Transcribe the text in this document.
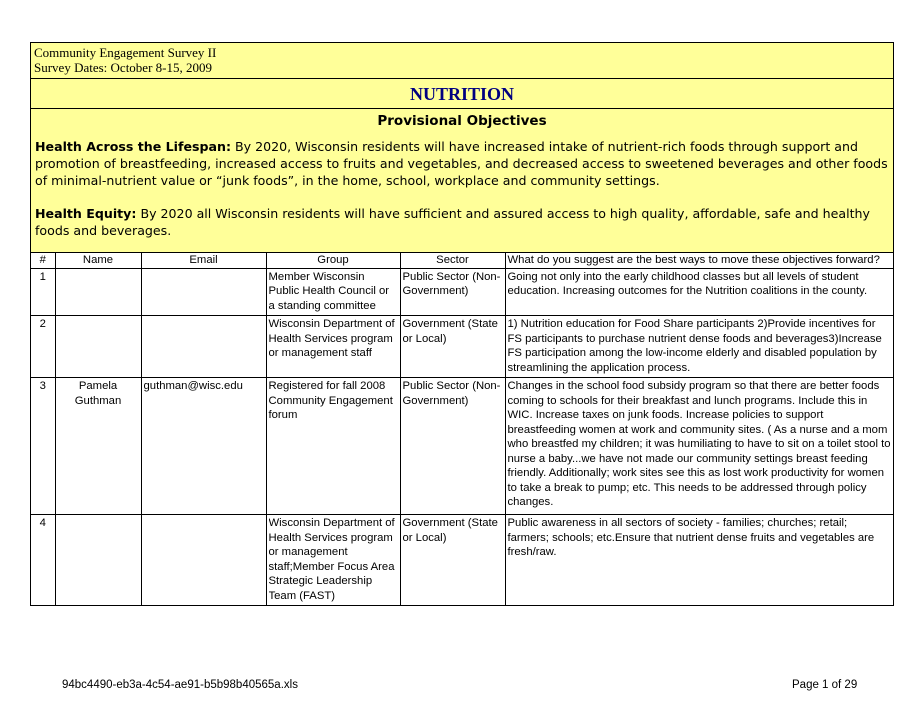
Community Engagement Survey II
Survey Dates: October 8-15, 2009
NUTRITION
Provisional Objectives

Health Across the Lifespan: By 2020, Wisconsin residents will have increased intake of nutrient-rich foods through support and promotion of breastfeeding, increased access to fruits and vegetables, and decreased access to sweetened beverages and other foods of minimal-nutrient value or “junk foods”, in the home, school, workplace and community settings.

Health Equity: By 2020 all Wisconsin residents will have sufficient and assured access to high quality, affordable, safe and healthy foods and beverages.

#	Name	Email	Group	Sector	What do you suggest are the best ways to move these objectives forward?
1			Member Wisconsin Public Health Council or a standing committee	Public Sector (Non-Government)	Going not only into the early childhood classes but all levels of student education. Increasing outcomes for the Nutrition coalitions in the county.
2			Wisconsin Department of Health Services program or management staff	Government (State or Local)	1) Nutrition education for Food Share participants 2)Provide incentives for FS participants to purchase nutrient dense foods and beverages3)Increase FS participation among the low-income elderly and disabled population by streamlining the application process.
3	Pamela Guthman	guthman@wisc.edu	Registered for fall 2008 Community Engagement forum	Public Sector (Non-Government)	Changes in the school food subsidy program so that there are better foods coming to schools for their breakfast and lunch programs. Include this in WIC. Increase taxes on junk foods. Increase policies to support breastfeeding women at work and community sites. ( As a nurse and a mom who breastfed my children; it was humiliating to have to sit on a toilet stool to nurse a baby...we have not made our community settings breast feeding friendly. Additionally; work sites see this as lost work productivity for women to take a break to pump; etc. This needs to be addressed through policy changes.
4			Wisconsin Department of Health Services program or management staff;Member Focus Area Strategic Leadership Team (FAST)	Government (State or Local)	Public awareness in all sectors of society - families; churches; retail; farmers; schools; etc.Ensure that nutrient dense fruits and vegetables are fresh/raw.
94bc4490-eb3a-4c54-ae91-b5b98b40565a.xls	Page 1 of 29
